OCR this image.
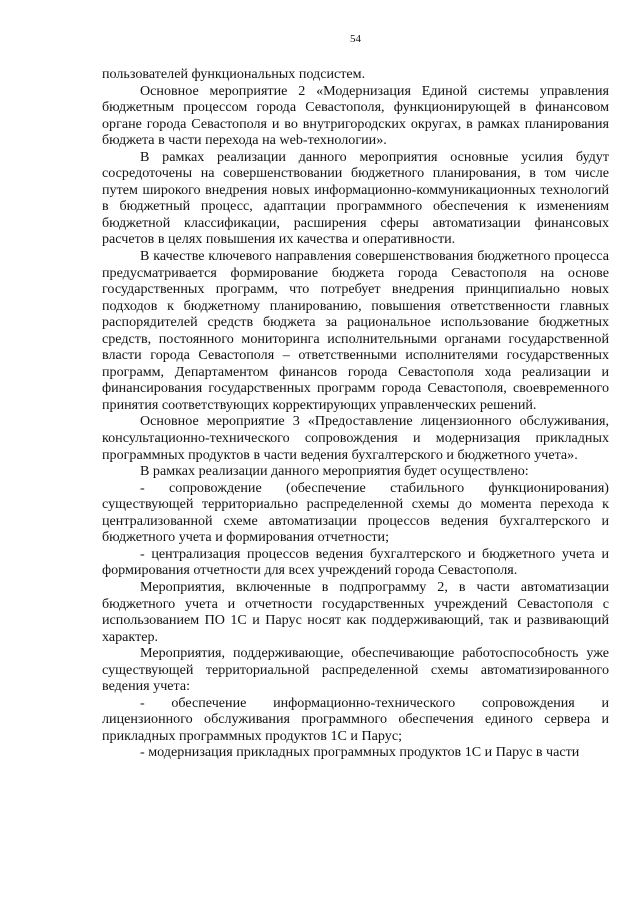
54

пользователей функциональных подсистем.

Основное мероприятие 2 «Модернизация Единой системы управления бюджетным процессом города Севастополя, функционирующей в финансовом органе города Севастополя и во внутригородских округах, в рамках планирования бюджета в части перехода на web-технологии».

В рамках реализации данного мероприятия основные усилия будут сосредоточены на совершенствовании бюджетного планирования, в том числе путем широкого внедрения новых информационно-коммуникационных технологий в бюджетный процесс, адаптации программного обеспечения к изменениям бюджетной классификации, расширения сферы автоматизации финансовых расчетов в целях повышения их качества и оперативности.

В качестве ключевого направления совершенствования бюджетного процесса предусматривается формирование бюджета города Севастополя на основе государственных программ, что потребует внедрения принципиально новых подходов к бюджетному планированию, повышения ответственности главных распорядителей средств бюджета за рациональное использование бюджетных средств, постоянного мониторинга исполнительными органами государственной власти города Севастополя – ответственными исполнителями государственных программ, Департаментом финансов города Севастополя хода реализации и финансирования государственных программ города Севастополя, своевременного принятия соответствующих корректирующих управленческих решений.

Основное мероприятие 3 «Предоставление лицензионного обслуживания, консультационно-технического сопровождения и модернизация прикладных программных продуктов в части ведения бухгалтерского и бюджетного учета».

В рамках реализации данного мероприятия будет осуществлено:

- сопровождение (обеспечение стабильного функционирования) существующей территориально распределенной схемы до момента перехода к централизованной схеме автоматизации процессов ведения бухгалтерского и бюджетного учета и формирования отчетности;

- централизация процессов ведения бухгалтерского и бюджетного учета и формирования отчетности для всех учреждений города Севастополя.

Мероприятия, включенные в подпрограмму 2, в части автоматизации бюджетного учета и отчетности государственных учреждений Севастополя с использованием ПО 1С и Парус носят как поддерживающий, так и развивающий характер.

Мероприятия, поддерживающие, обеспечивающие работоспособность уже существующей территориальной распределенной схемы автоматизированного ведения учета:

- обеспечение информационно-технического сопровождения и лицензионного обслуживания программного обеспечения единого сервера и прикладных программных продуктов 1С и Парус;

- модернизация прикладных программных продуктов 1С и Парус в части
